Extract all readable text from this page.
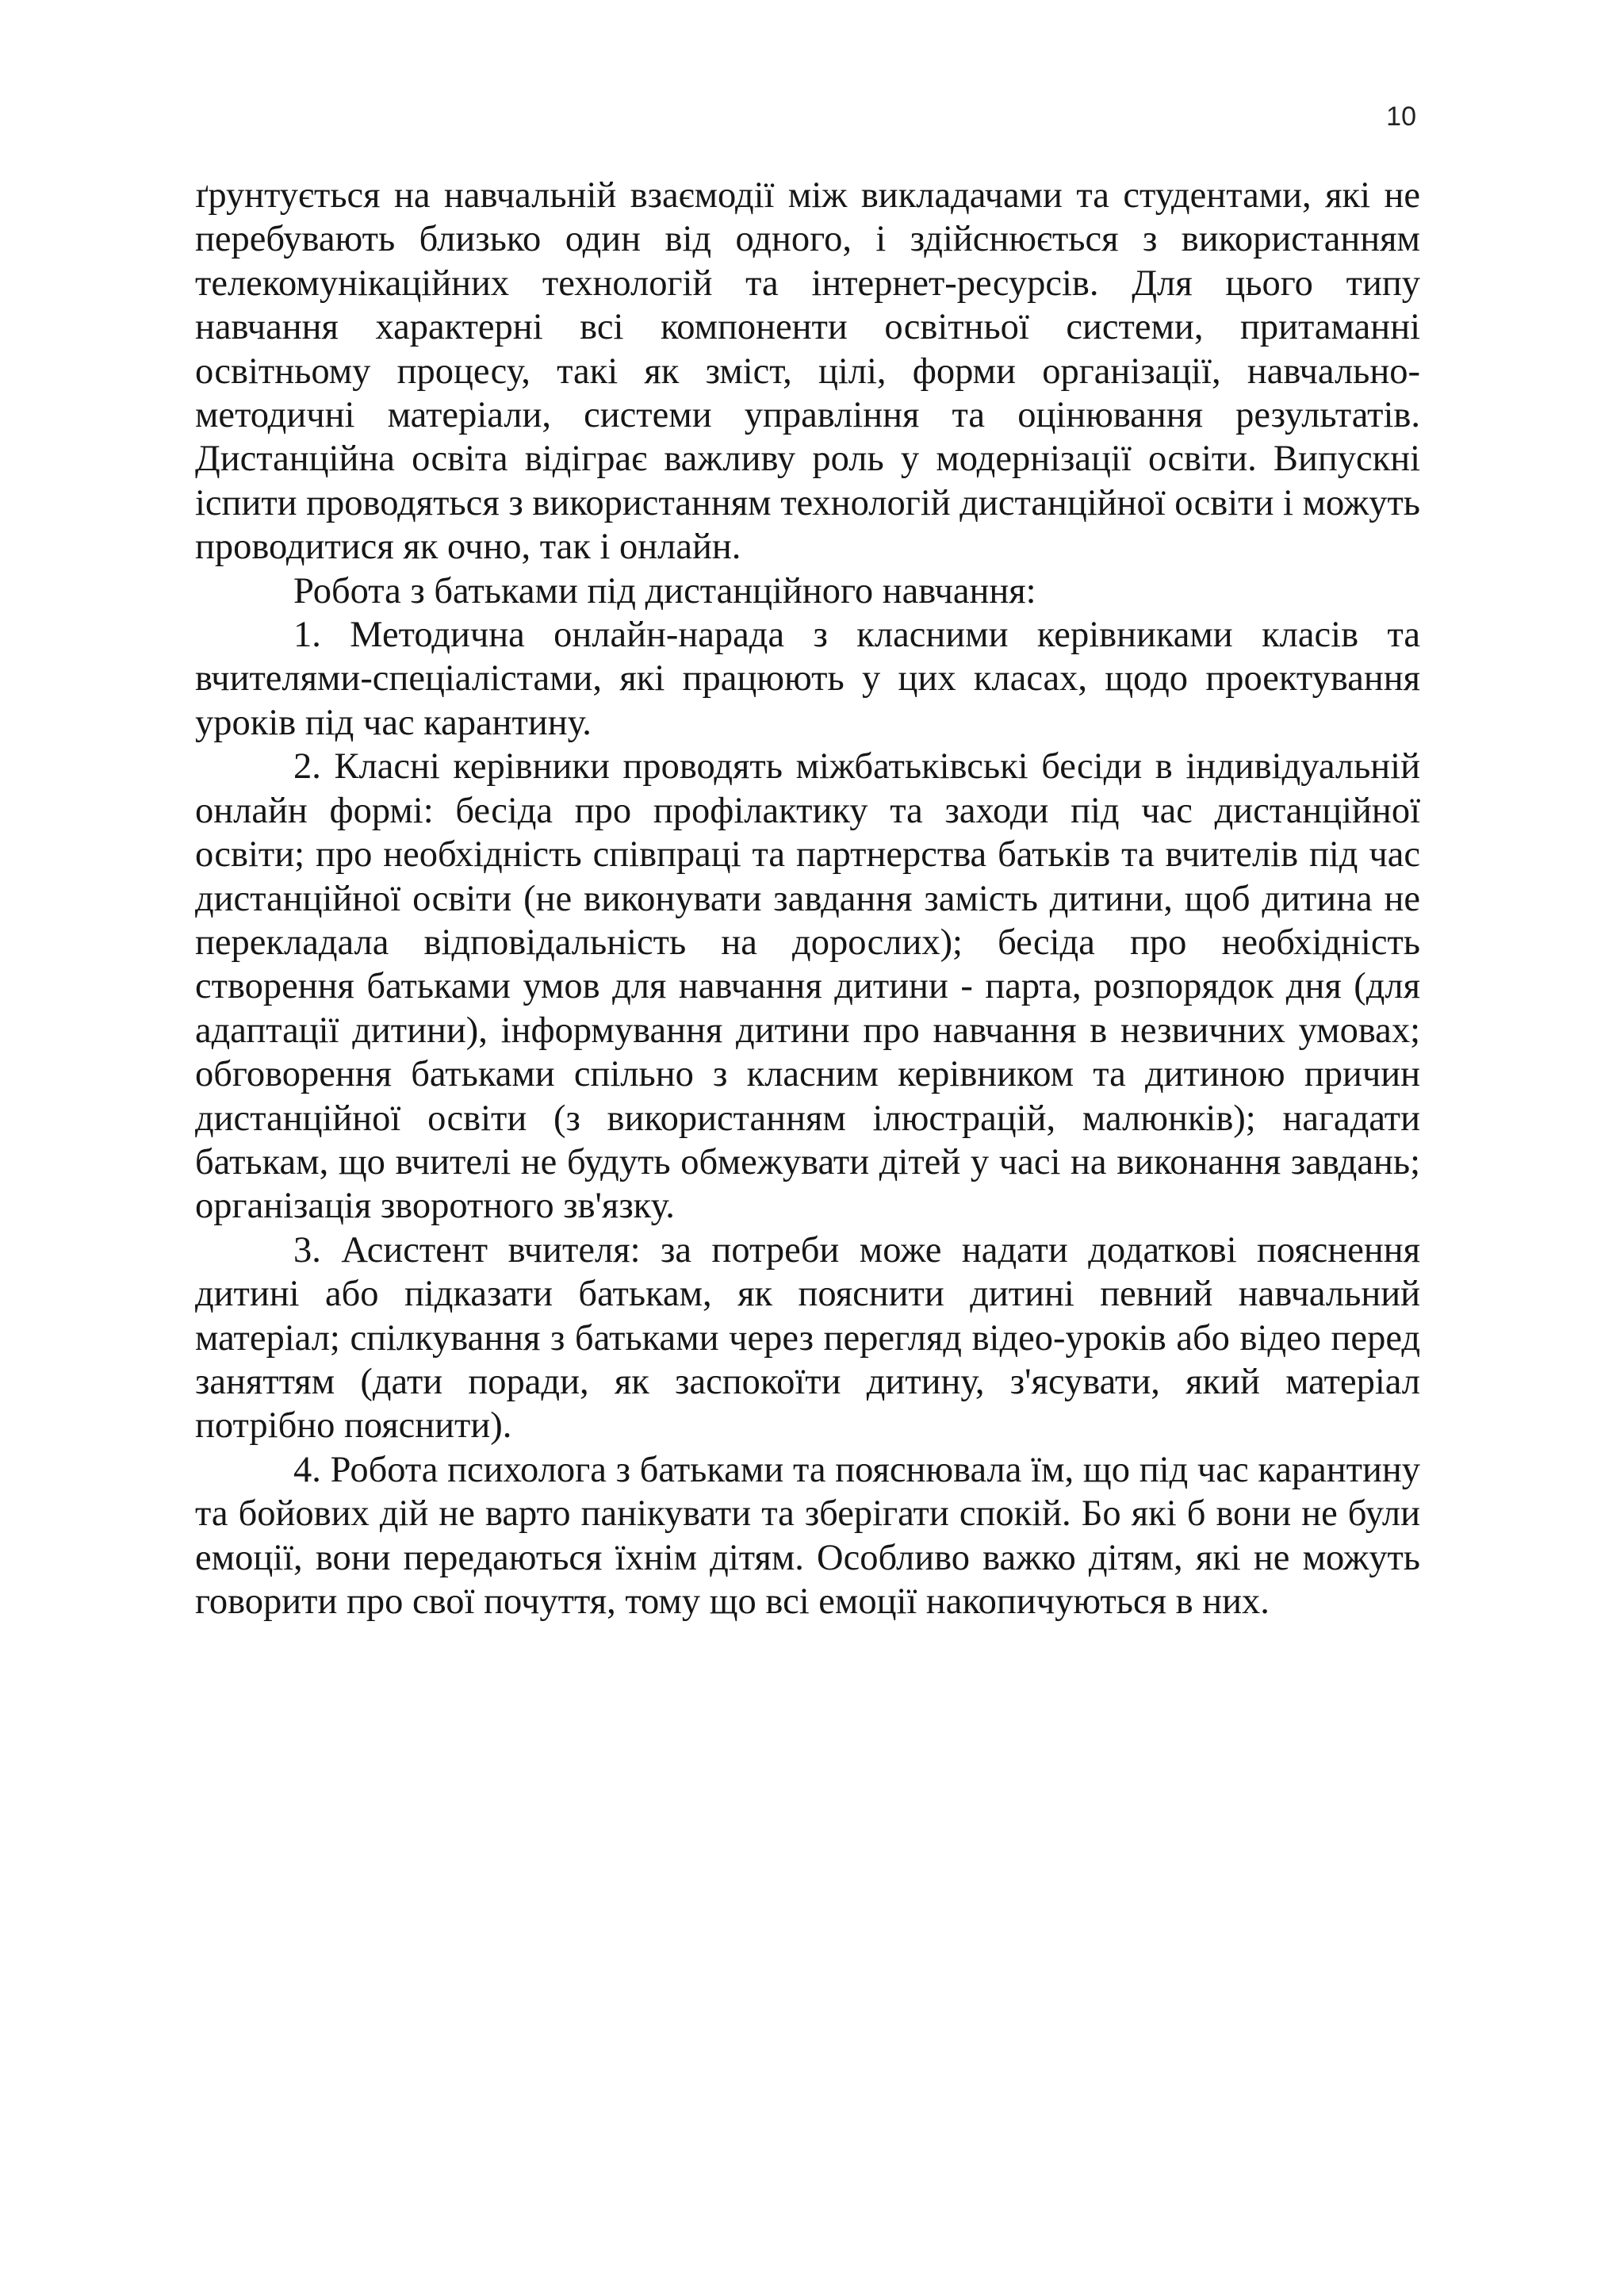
10

ґрунтується на навчальній взаємодії між викладачами та студентами, які не перебувають близько один від одного, і здійснюється з використанням телекомунікаційних технологій та інтернет-ресурсів. Для цього типу навчання характерні всі компоненти освітньої системи, притаманні освітньому процесу, такі як зміст, цілі, форми організації, навчально-методичні матеріали, системи управління та оцінювання результатів. Дистанційна освіта відіграє важливу роль у модернізації освіти. Випускні іспити проводяться з використанням технологій дистанційної освіти і можуть проводитися як очно, так і онлайн.

Робота з батьками під дистанційного навчання:

1. Методична онлайн-нарада з класними керівниками класів та вчителями-спеціалістами, які працюють у цих класах, щодо проектування уроків під час карантину.

2. Класні керівники проводять міжбатьківські бесіди в індивідуальній онлайн формі: бесіда про профілактику та заходи під час дистанційної освіти; про необхідність співпраці та партнерства батьків та вчителів під час дистанційної освіти (не виконувати завдання замість дитини, щоб дитина не перекладала відповідальність на дорослих); бесіда про необхідність створення батьками умов для навчання дитини - парта, розпорядок дня (для адаптації дитини), інформування дитини про навчання в незвичних умовах; обговорення батьками спільно з класним керівником та дитиною причин дистанційної освіти (з використанням ілюстрацій, малюнків); нагадати батькам, що вчителі не будуть обмежувати дітей у часі на виконання завдань; організація зворотного зв'язку.

3. Асистент вчителя: за потреби може надати додаткові пояснення дитині або підказати батькам, як пояснити дитині певний навчальний матеріал; спілкування з батьками через перегляд відео-уроків або відео перед заняттям (дати поради, як заспокоїти дитину, з'ясувати, який матеріал потрібно пояснити).

4. Робота психолога з батьками та пояснювала їм, що під час карантину та бойових дій не варто панікувати та зберігати спокій. Бо які б вони не були емоції, вони передаються їхнім дітям. Особливо важко дітям, які не можуть говорити про свої почуття, тому що всі емоції накопичуються в них.
